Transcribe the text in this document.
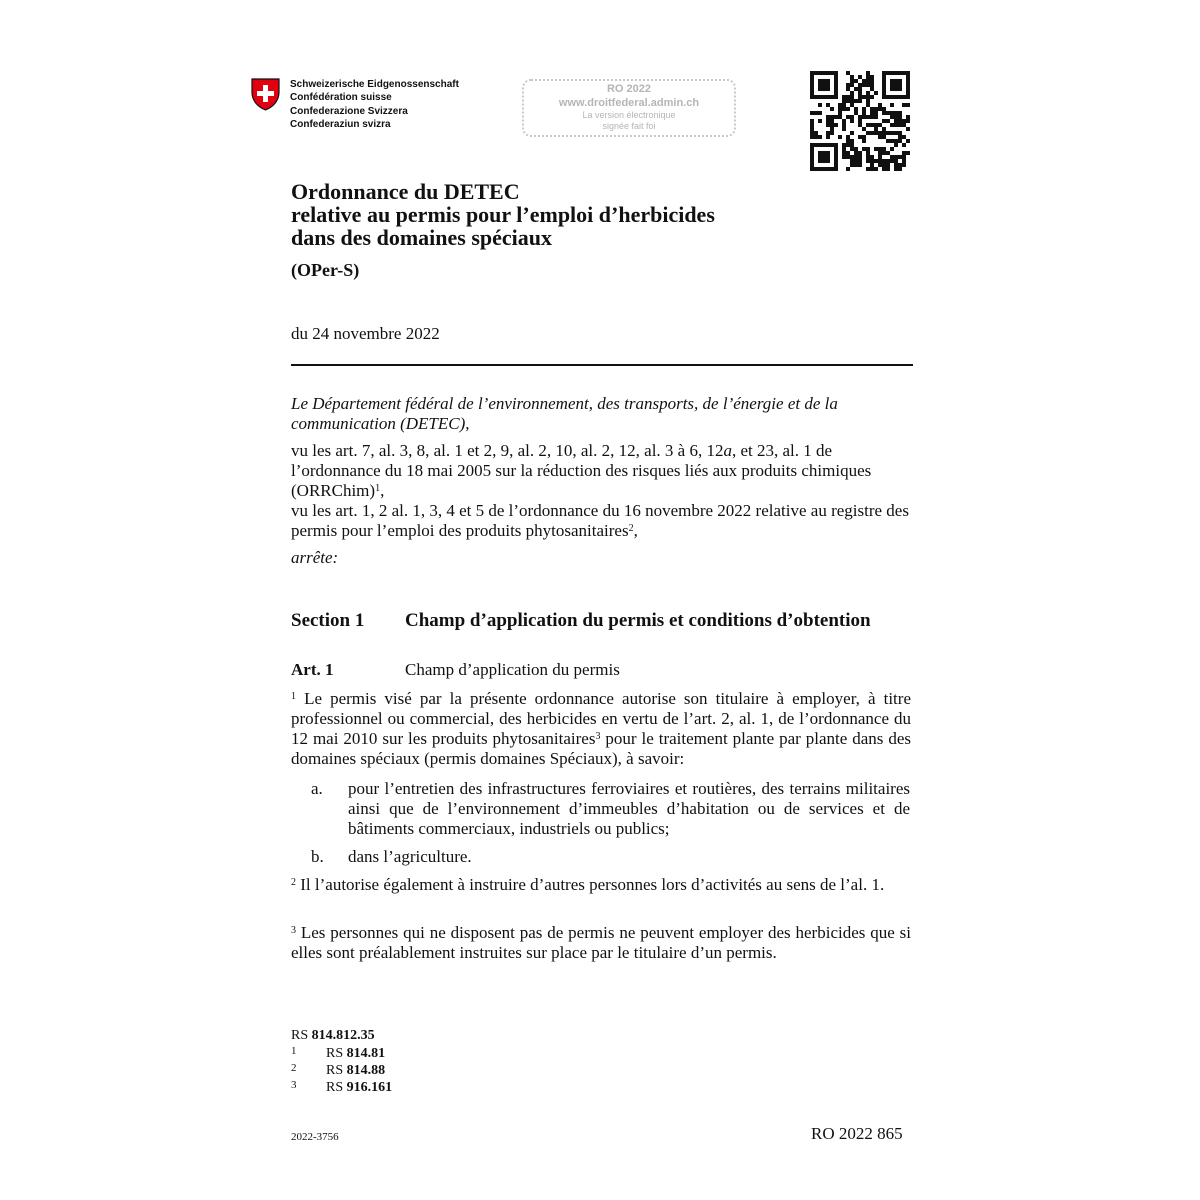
Schweizerische Eidgenossenschaft
Confédération suisse
Confederazione Svizzera
Confederaziun svizra
RO 2022
www.droitfederal.admin.ch
La version électronique
signée fait foi
Ordonnance du DETEC
relative au permis pour l’emploi d’herbicides
dans des domaines spéciaux
(OPer-S)
du 24 novembre 2022
Le Département fédéral de l’environnement, des transports, de l’énergie et de la communication (DETEC),
vu les art. 7, al. 3, 8, al. 1 et 2, 9, al. 2, 10, al. 2, 12, al. 3 à 6, 12a, et 23, al. 1 de l’ordonnance du 18 mai 2005 sur la réduction des risques liés aux produits chimiques (ORRChim)$^1$,
vu les art. 1, 2 al. 1, 3, 4 et 5 de l’ordonnance du 16 novembre 2022 relative au registre des permis pour l’emploi des produits phytosanitaires$^2$,
arrête:
Section 1 Champ d’application du permis et conditions d’obtention
Art. 1	Champ d’application du permis
$^1$ Le permis visé par la présente ordonnance autorise son titulaire à employer, à titre professionnel ou commercial, des herbicides en vertu de l’art. 2, al. 1, de l’ordonnance du 12 mai 2010 sur les produits phytosanitaires$^3$ pour le traitement plante par plante dans des domaines spéciaux (permis domaines Spéciaux), à savoir:
a. pour l’entretien des infrastructures ferroviaires et routières, des terrains militaires ainsi que de l’environnement d’immeubles d’habitation ou de services et de bâtiments commerciaux, industriels ou publics;
b. dans l’agriculture.
$^2$ Il l’autorise également à instruire d’autres personnes lors d’activités au sens de l’al. 1.
$^3$ Les personnes qui ne disposent pas de permis ne peuvent employer des herbicides que si elles sont préalablement instruites sur place par le titulaire d’un permis.
RS 814.812.35
1 RS 814.81
2 RS 814.88
3 RS 916.161
2022-3756	RO 2022 865
